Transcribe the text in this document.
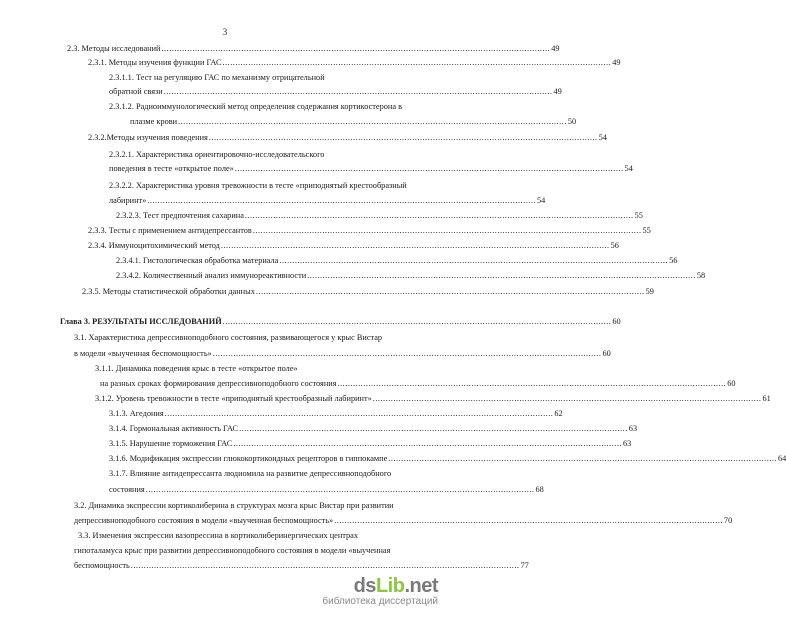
3
2.3. Методы исследований ....................................................................................................................................................... 49
2.3.1. Методы изучения функции ГАС ....................................................................................................................................................... 49
2.3.1.1. Тест на регуляцию ГАС по механизму отрицательной
обратной связи ....................................................................................................................................................... 49
2.3.1.2. Радиоиммунологический метод определения содержания кортикостерона в
плазме крови ....................................................................................................................................................... 50
2.3.2.Методы изучения поведения ....................................................................................................................................................... 54
2.3.2.1. Характеристика ориентировочно-исследовательского
поведения в тесте «открытое поле» ....................................................................................................................................................... 54
2.3.2.2. Характеристика уровня тревожности в тесте «приподнятый крестообразный
лабиринт» ....................................................................................................................................................... 54
2.3.2.3. Тест предпочтения сахарина ....................................................................................................................................................... 55
2.3.3. Тесты с применением антидепрессантов ....................................................................................................................................................... 55
2.3.4. Иммуноцитохимический метод ....................................................................................................................................................... 56
2.3.4.1. Гистологическая обработка материала ....................................................................................................................................................... 56
2.3.4.2. Количественный анализ иммунореактивности ....................................................................................................................................................... 58
2.3.5. Методы статистической обработки данных ....................................................................................................................................................... 59
Глава 3. РЕЗУЛЬТАТЫ ИССЛЕДОВАНИЙ ....................................................................................................................................................... 60
3.1. Характеристика депрессивноподобного состояния, развивающегося у крыс Вистар
в модели «выученная беспомощность» ....................................................................................................................................................... 60
3.1.1. Динамика поведения крыс в тесте «открытое поле»
на разных сроках формирования депрессивноподобного состояния ....................................................................................................................................................... 60
3.1.2. Уровень тревожности в тесте «приподнятый крестообразный лабиринт» ....................................................................................................................................................... 61
3.1.3. Агедония ....................................................................................................................................................... 62
3.1.4. Гормональная активность ГАС ....................................................................................................................................................... 63
3.1.5. Нарушение торможения ГАС ....................................................................................................................................................... 63
3.1.6. Модификация экспрессии глюкокортикоидных рецепторов в гиппокампе ....................................................................................................................................................... 64
3.1.7. Влияние антидепрессанта людиомила на развитие депрессивноподобного
состояния ....................................................................................................................................................... 68
3.2. Динамика экспрессии кортиколиберина в структурах мозга крыс Вистар при развитии
депрессивноподобного состояния в модели «выученная беспомощность» ....................................................................................................................................................... 70
3.3. Изменения экспрессии вазопрессина в кортиколиберинергических центрах
гипоталамуса крыс при развитии депрессивноподобного состояния в модели «выученная
беспомощность ....................................................................................................................................................... 77
dsLib.net
библиотека диссертаций
